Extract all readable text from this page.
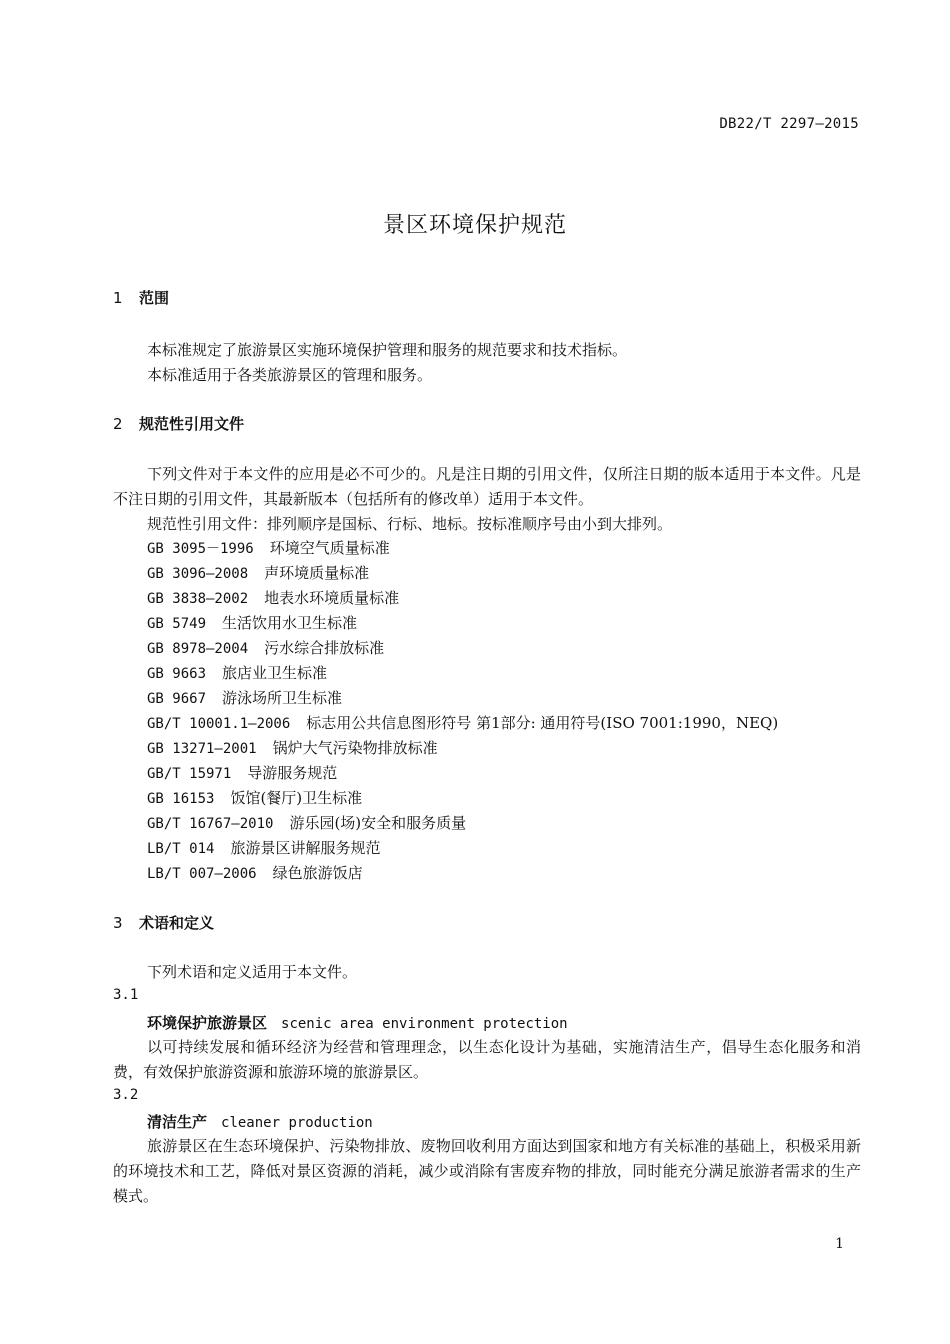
DB22/T 2297—2015
景区环境保护规范
1 范围
本标准规定了旅游景区实施环境保护管理和服务的规范要求和技术指标。
本标准适用于各类旅游景区的管理和服务。
2 规范性引用文件
下列文件对于本文件的应用是必不可少的。凡是注日期的引用文件，仅所注日期的版本适用于本文件。凡是不注日期的引用文件，其最新版本（包括所有的修改单）适用于本文件。
规范性引用文件：排列顺序是国标、行标、地标。按标准顺序号由小到大排列。
GB 3095－1996 环境空气质量标准
GB 3096—2008 声环境质量标准
GB 3838—2002 地表水环境质量标准
GB 5749 生活饮用水卫生标准
GB 8978—2004 污水综合排放标准
GB 9663 旅店业卫生标准
GB 9667 游泳场所卫生标准
GB/T 10001.1—2006 标志用公共信息图形符号 第1部分: 通用符号(ISO 7001:1990，NEQ)
GB 13271—2001 锅炉大气污染物排放标准
GB/T 15971 导游服务规范
GB 16153 饭馆(餐厅)卫生标准
GB/T 16767—2010 游乐园(场)安全和服务质量
LB/T 014 旅游景区讲解服务规范
LB/T 007—2006 绿色旅游饭店
3 术语和定义
下列术语和定义适用于本文件。
3.1
环境保护旅游景区 scenic area environment protection
以可持续发展和循环经济为经营和管理理念，以生态化设计为基础，实施清洁生产，倡导生态化服务和消费，有效保护旅游资源和旅游环境的旅游景区。
3.2
清洁生产 cleaner production
旅游景区在生态环境保护、污染物排放、废物回收利用方面达到国家和地方有关标准的基础上，积极采用新的环境技术和工艺，降低对景区资源的消耗，减少或消除有害废弃物的排放，同时能充分满足旅游者需求的生产模式。
1
